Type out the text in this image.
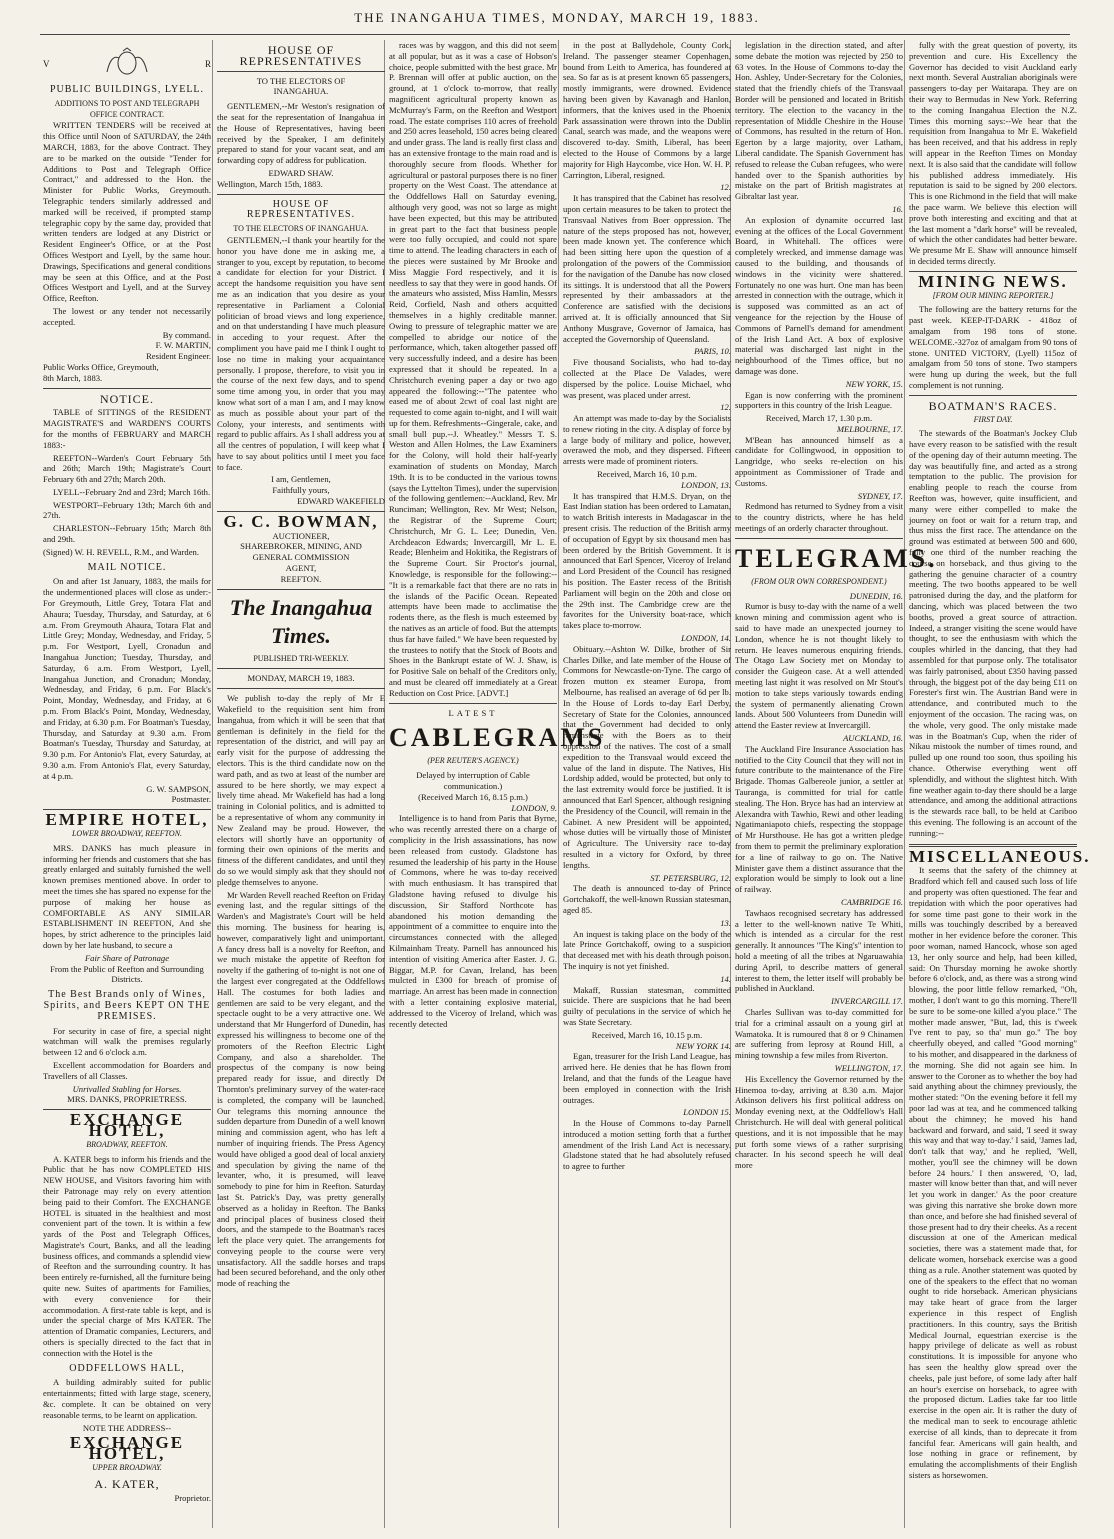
THE INANGAHUA TIMES, MONDAY, MARCH 19, 1883.
V	R
PUBLIC BUILDINGS, LYELL.
ADDITIONS TO POST AND TELEGRAPH OFFICE CONTRACT.

WRITTEN TENDERS will be received at this Office until Noon of SATURDAY, the 24th MARCH, 1883, for the above Contract. They are to be marked on the outside "Tender for Additions to Post and Telegraph Office Contract," and addressed to the Hon. the Minister for Public Works, Greymouth. Telegraphic tenders similarly addressed and marked will be received, if prompted stamp telegraphic copy by the same day, provided that written tenders are lodged at any District or Resident Engineer's Office, or at the Post Offices Westport and Lyell, by the same hour. Drawings, Specifications and general conditions may be seen at this Office, and at the Post Offices Westport and Lyell, and at the Survey Office, Reefton.

The lowest or any tender not necessarily accepted.

By command.
F. W. MARTIN,
Resident Engineer.
Public Works Office, Greymouth,
8th March, 1883.
NOTICE.

TABLE of SITTINGS of the RESIDENT MAGISTRATE'S and WARDEN'S COURTS for the months of FEBRUARY and MARCH 1883:-

REEFTON--Warden's Court February 5th and 26th; March 19th; Magistrate's Court February 6th and 27th; March 20th.

LYELL--February 2nd and 23rd; March 16th.

WESTPORT--February 13th; March 6th and 27th.

CHARLESTON--February 15th; March 8th and 29th.

(Signed) W. H. REVELL, R.M., and Warden.
MAIL NOTICE.

On and after 1st January, 1883, the mails for the undermentioned places will close as under:- For Greymouth, Little Grey, Totara Flat and Ahaura; Tuesday, Thursday, and Saturday, at 6 a.m. From Greymouth Ahaura, Totara Flat and Little Grey; Monday, Wednesday, and Friday, 5 p.m. For Westport, Lyell, Cronadun and Inangahua Junction; Tuesday, Thursday, and Saturday, 6 a.m. From Westport, Lyell, Inangahua Junction, and Cronadun; Monday, Wednesday, and Friday, 6 p.m. For Black's Point, Monday, Wednesday, and Friday, at 6 p.m. From Black's Point, Monday, Wednesday, and Friday, at 6.30 p.m. For Boatman's Tuesday, Thursday, and Saturday at 9.30 a.m. From Boatman's Tuesday, Thursday and Saturday, at 9.30 p.m. For Antonio's Flat, every Saturday, at 9.30 a.m. From Antonio's Flat, every Saturday, at 4 p.m.

G. W. SAMPSON,
Postmaster.
EMPIRE HOTEL,
LOWER BROADWAY, REEFTON.

MRS. DANKS has much pleasure in informing her friends and customers that she has greatly enlarged and suitably furnished the well known premises mentioned above. In order to meet the times she has spared no expense for the purpose of making her house as COMFORTABLE AS ANY SIMILAR ESTABLISHMENT IN REEFTON, And she hopes, by strict adherence to the principles laid down by her late husband, to secure a

Fair Share of Patronage
From the Public of Reefton and Surrounding Districts.
The Best Brands only of Wines, Spirits, and Beers KEPT ON THE PREMISES.

For security in case of fire, a special night watchman will walk the premises regularly between 12 and 6 o'clock a.m.

Excellent accommodation for Boarders and Travellers of all Classes.

Unrivalled Stabling for Horses.
MRS. DANKS, PROPRIETRESS.
EXCHANGE HOTEL,
BROADWAY, REEFTON.

A. KATER begs to inform his friends and the Public that he has now COMPLETED HIS NEW HOUSE, and Visitors favoring him with their Patronage may rely on every attention being paid to their Comfort. The EXCHANGE HOTEL is situated in the healthiest and most convenient part of the town. It is within a few yards of the Post and Telegraph Offices, Magistrate's Court, Banks, and all the leading business offices, and commands a splendid view of Reefton and the surrounding country. It has been entirely re-furnished, all the furniture being quite new. Suites of apartments for Families, with every convenience for their accommodation. A first-rate table is kept, and is under the special charge of Mrs KATER. The attention of Dramatic companies, Lecturers, and others is specially directed to the fact that in connection with the Hotel is the

ODDFELLOWS HALL,

A building admirably suited for public entertainments; fitted with large stage, scenery, &c. complete. It can be obtained on very reasonable terms, to be learnt on application.

NOTE THE ADDRESS--
EXCHANGE HOTEL,
UPPER BROADWAY.
A. KATER,
Proprietor.
HOUSE OF REPRESENTATIVES
TO THE ELECTORS OF
INANGAHUA.

GENTLEMEN,--Mr Weston's resignation of the seat for the representation of Inangahua in the House of Representatives, having been received by the Speaker, I am definitely prepared to stand for your vacant seat, and am forwarding copy of address for publication.

EDWARD SHAW.
Wellington, March 15th, 1883.
HOUSE OF REPRESENTATIVES.
TO THE ELECTORS OF INANGAHUA.

GENTLEMEN,--I thank your heartily for the honor you have done me in asking me, a stranger to you, except by reputation, to become a candidate for election for your District. I accept the handsome requisition you have sent me as an indication that you desire as your representative in Parliament a Colonial politician of broad views and long experience, and on that understanding I have much pleasure in acceding to your request. After the compliment you have paid me I think I ought to lose no time in making your acquaintance personally. I propose, therefore, to visit you in the course of the next few days, and to spend some time among you, in order that you may know what sort of a man I am, and I may know as much as possible about your part of the Colony, your interests, and sentiments with regard to public affairs. As I shall address you at all the centres of population, I will keep what I have to say about politics until I meet you face to face.

I am, Gentlemen,
Faithfully yours,
EDWARD WAKEFIELD
G. C. BOWMAN,
AUCTIONEER,
SHAREBROKER, MINING, AND
GENERAL COMMISSION
AGENT,
REEFTON.
The Inangahua Times.
PUBLISHED TRI-WEEKLY.
MONDAY, MARCH 19, 1883.

We publish to-day the reply of Mr E Wakefield to the requisition sent him from Inangahua, from which it will be seen that that gentleman is definitely in the field for the representation of the district, and will pay an early visit for the purpose of addressing the electors. This is the third candidate now on the ward path, and as two at least of the number are assured to be here shortly, we may expect a lively time ahead. Mr Wakefield has had a long training in Colonial politics, and is admitted to be a representative of whom any community in New Zealand may be proud. However, the electors will shortly have an opportunity of forming their own opinions of the merits and fitness of the different candidates, and until they do so we would simply ask that they should not pledge themselves to anyone.

Mr Warden Revell reached Reefton on Friday evening last, and the regular sittings of the Warden's and Magistrate's Court will be held this morning. The business for hearing is, however, comparatively light and unimportant. A fancy dress ball is a novelty for Reefton, and we much mistake the appetite of Reefton for novelty if the gathering of to-night is not one of the largest ever congregated at the Oddfellows Hall. The costumes for both ladies and gentlemen are said to be very elegant, and the spectacle ought to be a very attractive one. We understand that Mr Hungerford of Dunedin, has expressed his willingness to become one of the promoters of the Reefton Electric Light Company, and also a shareholder. The prospectus of the company is now being prepared ready for issue, and directly Dr Thornton's preliminary survey of the water-race is completed, the company will be launched. Our telegrams this morning announce the sudden departure from Dunedin of a well known mining and commission agent, who has left a number of inquiring friends. The Press Agency would have obliged a good deal of local anxiety and speculation by giving the name of the levanter, who, it is presumed, will leave somebody to pine for him in Reefton. Saturday last St. Patrick's Day, was pretty generally observed as a holiday in Reefton. The Banks and principal places of business closed their doors, and the stampede to the Boatman's races left the place very quiet. The arrangements for conveying people to the course were very unsatisfactory. All the saddle horses and traps had been secured beforehand, and the only other mode of reaching the

races was by waggon, and this did not seem at all popular, but as it was a case of Hobson's choice, people submitted with the best grace. Mr P. Brennan will offer at public auction, on the ground, at 1 o'clock to-morrow, that really magnificent agricultural property known as McMurray's Farm, on the Reefton and Westport road. The estate comprises 110 acres of freehold and 250 acres leasehold, 150 acres being cleared and under grass. The land is really first class and has an extensive frontage to the main road and is thoroughly secure from floods. Whether for agricultural or pastoral purposes there is no finer property on the West Coast. The attendance at the Oddfellows Hall on Saturday evening, although very good, was not so large as might have been expected, but this may be attributed in great part to the fact that business people were too fully occupied, and could not spare time to attend. The leading characters in each of the pieces were sustained by Mr Brooke and Miss Maggie Ford respectively, and it is needless to say that they were in good hands. Of the amateurs who assisted, Miss Hamlin, Messrs Reid, Corfield, Nash and others acquitted themselves in a highly creditable manner. Owing to pressure of telegraphic matter we are compelled to abridge our notice of the performance, which, taken altogether passed off very successfully indeed, and a desire has been expressed that it should be repeated. In a Christchurch evening paper a day or two ago appeared the following:--"The patentee who eased me of about 2cwt of coal last night are requested to come again to-night, and I will wait up for them. Refreshments--Gingerale, cake, and small bull pup.--J. Wheatley." Messrs T. S. Weston and Allen Holmes, the Law Examiners for the Colony, will hold their half-yearly examination of students on Monday, March 19th. It is to be conducted in the various towns (says the Lyttelton Times), under the supervision of the following gentlemen:--Auckland, Rev. Mr Runciman; Wellington, Rev. Mr West; Nelson, the Registrar of the Supreme Court; Christchurch, Mr G. L. Lee; Dunedin, Ven. Archdeacon Edwards; Invercargill, Mr L. E. Reade; Blenheim and Hokitika, the Registrars of the Supreme Court. Sir Proctor's journal, Knowledge, is responsible for the following:--"It is a remarkable fact that there are no rats in the islands of the Pacific Ocean. Repeated attempts have been made to acclimatise the rodents there, as the flesh is much esteemed by the natives as an article of food. But the attempts thus far have failed." We have been requested by the trustees to notify that the Stock of Boots and Shoes in the Bankrupt estate of W. J. Shaw, is for Positive Sale on behalf of the Creditors only, and must be cleared off immediately at a Great Reduction on Cost Price. [ADVT.]

LATEST
CABLEGRAMS
(PER REUTER'S AGENCY.)
Delayed by interruption of Cable communication.)
(Received March 16, 8.15 p.m.)
LONDON, 9.

Intelligence is to hand from Paris that Byrne, who was recently arrested there on a charge of complicity in the Irish assassinations, has now been released from custody. Gladstone has resumed the leadership of his party in the House of Commons, where he was to-day received with much enthusiasm. It has transpired that Gladstone having refused to divulge his discussion, Sir Stafford Northcote has abandoned his motion demanding the appointment of a committee to enquire into the circumstances connected with the alleged Kilmainham Treaty. Parnell has announced his intention of visiting America after Easter. J. G. Biggar, M.P. for Cavan, Ireland, has been mulcted in £300 for breach of promise of marriage. An arrest has been made in connection with a letter containing explosive material, addressed to the Viceroy of Ireland, which was recently detected

in the post at Ballydehole, County Cork, Ireland. The passenger steamer Copenhagen, bound from Leith to America, has foundered at sea. So far as is at present known 65 passengers, mostly immigrants, were drowned. Evidence having been given by Kavanagh and Hanlon, informers, that the knives used in the Phoenix Park assassination were thrown into the Dublin Canal, search was made, and the weapons were discovered to-day. Smith, Liberal, has been elected to the House of Commons by a large majority for High Haycombe, vice Hon. W. H. P. Carrington, Liberal, resigned.

12.

It has transpired that the Cabinet has resolved upon certain measures to be taken to protect the Transvaal Natives from Boer oppression. The nature of the steps proposed has not, however, been made known yet. The conference which had been sitting here upon the question of a prolongation of the powers of the Commission for the navigation of the Danube has now closed its sittings. It is understood that all the Powers represented by their ambassadors at the Conference are satisfied with the decisions arrived at. It is officially announced that Sir Anthony Musgrave, Governor of Jamaica, has accepted the Governorship of Queensland.

PARIS, 10.

Five thousand Socialists, who had to-day collected at the Place De Valades, were dispersed by the police. Louise Michael, who was present, was placed under arrest.

12.

An attempt was made to-day by the Socialists to renew rioting in the city. A display of force by a large body of military and police, however, overawed the mob, and they dispersed. Fifteen arrests were made of prominent rioters.

Received, March 16, 10 p.m.
LONDON, 13.

It has transpired that H.M.S. Dryan, on the East Indian station has been ordered to Lamatan, to watch British interests in Madagascar in the present crisis. The reduction of the British army of occupation of Egypt by six thousand men has been ordered by the British Government. It is announced that Earl Spencer, Viceroy of Ireland and Lord President of the Council has resigned his position. The Easter recess of the British Parliament will begin on the 20th and close on the 29th inst. The Cambridge crew are the favorites for the University boat-race, which takes place to-morrow.

LONDON, 14.

Obituary.--Ashton W. Dilke, brother of Sir Charles Dilke, and late member of the House of Commons for Newcastle-on-Tyne. The cargo of frozen mutton ex steamer Europa, from Melbourne, has realised an average of 6d per lb. In the House of Lords to-day Earl Derby, Secretary of State for the Colonies, announced that the Government had decided to only remonstrate with the Boers as to their oppression of the natives. The cost of a small expedition to the Transvaal would exceed the value of the land in dispute. The Natives, His Lordship added, would be protected, but only to the last extremity would force be justified. It is announced that Earl Spencer, although resigning the Presidency of the Council, will remain in the Cabinet. A new President will be appointed, whose duties will be virtually those of Minister of Agriculture. The University race to-day resulted in a victory for Oxford, by three lengths.

ST. PETERSBURG, 12.

The death is announced to-day of Prince Gortchakoff, the well-known Russian statesman, aged 85.

13.

An inquest is taking place on the body of the late Prince Gortchakoff, owing to a suspicion that deceased met with his death through poison. The inquiry is not yet finished.

14.

Makaff, Russian statesman, committed suicide. There are suspicions that he had been guilty of peculations in the service of which he was State Secretary.

Received, March 16, 10.15 p.m.
NEW YORK 14.

Egan, treasurer for the Irish Land League, has arrived here. He denies that he has flown from Ireland, and that the funds of the League have been employed in connection with the Irish outrages.

LONDON 15.

In the House of Commons to-day Parnell introduced a motion setting forth that a further amendment of the Irish Land Act is necessary. Gladstone stated that he had absolutely refused to agree to further

legislation in the direction stated, and after some debate the motion was rejected by 250 to 63 votes. In the House of Commons to-day the Hon. Ashley, Under-Secretary for the Colonies, stated that the friendly chiefs of the Transvaal Border will be pensioned and located in British territory. The election to the vacancy in the representation of Middle Cheshire in the House of Commons, has resulted in the return of Hon. Egerton by a large majority, over Latham, Liberal candidate. The Spanish Government has refused to release the Cuban refugees, who were handed over to the Spanish authorities by mistake on the part of British magistrates at Gibraltar last year.

16.

An explosion of dynamite occurred last evening at the offices of the Local Government Board, in Whitehall. The offices were completely wrecked, and immense damage was caused to the building, and thousands of windows in the vicinity were shattered. Fortunately no one was hurt. One man has been arrested in connection with the outrage, which it is supposed was committed as an act of vengeance for the rejection by the House of Commons of Parnell's demand for amendment of the Irish Land Act. A box of explosive material was discharged last night in the neighbourhood of the Times office, but no damage was done.

NEW YORK, 15.

Egan is now conferring with the prominent supporters in this country of the Irish League.

Received, March 17, 1.30 p.m.
MELBOURNE, 17.

M'Bean has announced himself as a candidate for Collingwood, in opposition to Langridge, who seeks re-election on his appointment as Commissioner of Trade and Customs.

SYDNEY, 17.

Redmond has returned to Sydney from a visit to the country districts, where he has held meetings of an orderly character throughout.

TELEGRAMS.
(FROM OUR OWN CORRESPONDENT.)
DUNEDIN, 16.

Rumor is busy to-day with the name of a well known mining and commission agent who is said to have made an unexpected journey to London, whence he is not thought likely to return. He leaves numerous enquiring friends. The Otago Law Society met on Monday to consider the Guigeon case. At a well attended meeting last night it was resolved on Mr Stout's motion to take steps variously towards ending the system of permanently alienating Crown lands. About 500 Volunteers from Dunedin will attend the Easter review at Invercargill.

AUCKLAND, 16.

The Auckland Fire Insurance Association has notified to the City Council that they will not in future contribute to the maintenance of the Fire Brigade. Thomas Galbereole junior, a settler at Tauranga, is committed for trial for cattle stealing. The Hon. Bryce has had an interview at Alexandra with Tawhio, Rewi and other leading Ngatimaniapoto chiefs, respecting the stoppage of Mr Hursthouse. He has got a written pledge from them to permit the preliminary exploration for a line of railway to go on. The Native Minister gave them a distinct assurance that the exploration would be simply to look out a line of railway.

CAMBRIDGE 16.

Tawhaos recognised secretary has addressed a letter to the well-known native Te Whiti, which is intended as a circular for the rest generally. It announces "The King's" intention to hold a meeting of all the tribes at Ngaruawahia during April, to describe matters of general interest to them, the letter itself will probably be published in Auckland.

INVERCARGILL 17.

Charles Sullivan was to-day committed for trial for a criminal assault on a young girl at Wamatoka. It is rumoured that 8 or 9 Chinamen are suffering from leprosy at Round Hill, a mining township a few miles from Riverton.

WELLINGTON, 17.

His Excellency the Governor returned by the Hinemoa to-day, arriving at 8.30 a.m. Major Atkinson delivers his first political address on Monday evening next, at the Oddfellow's Hall Christchurch. He will deal with general political questions, and it is not impossible that he may put forth some views of a rather surprising character. In his second speech he will deal more

fully with the great question of poverty, its prevention and cure. His Excellency the Governor has decided to visit Auckland early next month. Several Australian aboriginals were passengers to-day per Waitarapa. They are on their way to Bermudas in New York. Referring to the coming Inangahua Election the N.Z. Times this morning says:--We hear that the requisition from Inangahua to Mr E. Wakefield has been received, and that his address in reply will appear in the Reefton Times on Monday next. It is also said that the candidate will follow his published address immediately. His reputation is said to be signed by 200 electors. This is one Richmond in the field that will make the pace warm. We believe this election will prove both interesting and exciting and that at the last moment a "dark horse" will be revealed, of which the other candidates had better beware. We presume Mr E. Shaw will announce himself in decided terms directly.

MINING NEWS.
[FROM OUR MINING REPORTER.]

The following are the battery returns for the past week. KEEP-IT-DARK - 418oz of amalgam from 198 tons of stone. WELCOME.-327oz of amalgam from 90 tons of stone. UNITED VICTORY, (Lyell) 115oz of amalgam from 50 tons of stone. Two stampers were hung up during the week, but the full complement is not running.

BOATMAN'S RACES.
FIRST DAY.

The stewards of the Boatman's Jockey Club have every reason to be satisfied with the result of the opening day of their autumn meeting. The day was beautifully fine, and acted as a strong temptation to the public. The provision for enabling people to reach the course from Reefton was, however, quite insufficient, and many were either compelled to make the journey on foot or wait for a return trap, and thus miss the first race. The attendance on the ground was estimated at between 500 and 600, fully one third of the number reaching the course on horseback, and thus giving to the gathering the genuine character of a country meeting. The two booths appeared to be well patronised during the day, and the platform for dancing, which was placed between the two booths, proved a great source of attraction. Indeed, a stranger visiting the scene would have thought, to see the enthusiasm with which the couples whirled in the dancing, that they had assembled for that purpose only. The totalisator was fairly patronised, about £350 having passed through, the biggest pot of the day being £11 on Forester's first win. The Austrian Band were in attendance, and contributed much to the enjoyment of the occasion. The racing was, on the whole, very good. The only mistake made was in the Boatman's Cup, when the rider of Nikau mistook the number of times round, and pulled up one round too soon, thus spoiling his chance. Otherwise everything went off splendidly, and without the slightest hitch. With fine weather again to-day there should be a large attendance, and among the additional attractions is the stewards race ball, to be held at Cariboo this evening. The following is an account of the running:--

MISCELLANEOUS.

It seems that the safety of the chimney at Bradford which fell and caused such loss of life and property was often questioned. The fear and trepidation with which the poor operatives had for some time past gone to their work in the mills was touchingly described by a bereaved mother in her evidence before the coroner. This poor woman, named Hancock, whose son aged 13, her only source and help, had been killed, said: On Thursday morning he awoke shortly before 6 o'clock, and, as there was a strong wind blowing, the poor little fellow remarked, "Oh, mother, I don't want to go this morning. There'll be sure to be some-one killed a'you place." The mother made answer, "But, lad, this is t'week I've rent to pay, so tha' mun go." The boy cheerfully obeyed, and called "Good morning" to his mother, and disappeared in the darkness of the morning. She did not again see him. In answer to the Coroner as to whether the boy had said anything about the chimney previously, the mother stated: "On the evening before it fell my poor lad was at tea, and he commenced talking about the chimney; he moved his hand backward and forward, and said, 'I seed it sway this way and that way to-day.' I said, 'James lad, don't talk that way,' and he replied, 'Well, mother, you'll see the chimney will be down before 24 hours.' I then answered, 'O, lad, master will know better than that, and will never let you work in danger.' As the poor creature was giving this narrative she broke down more than once, and before she had finished several of those present had to dry their cheeks. As a recent discussion at one of the American medical societies, there was a statement made that, for delicate women, horseback exercise was a good thing as a rule. Another statement was quoted by one of the speakers to the effect that no woman ought to ride horseback. American physicians may take heart of grace from the larger experience in this respect of English practitioners. In this country, says the British Medical Journal, equestrian exercise is the happy privilege of delicate as well as robust constitutions. It is impossible for anyone who has seen the healthy glow spread over the cheeks, pale just before, of some lady after half an hour's exercise on horseback, to agree with the proposed dictum. Ladies take far too little exercise in the open air. It is rather the duty of the medical man to seek to encourage athletic exercise of all kinds, than to deprecate it from fanciful fear. Americans will gain health, and lose nothing in grace or refinement, by emulating the accomplishments of their English sisters as horsewomen.
